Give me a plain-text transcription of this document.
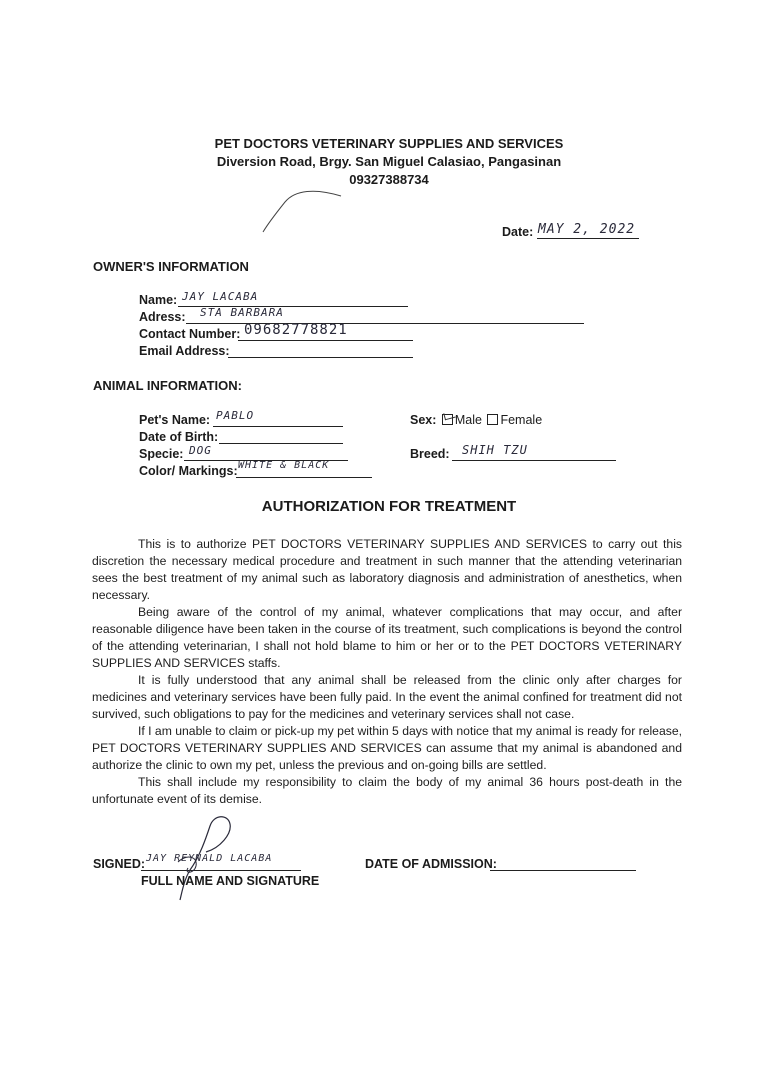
PET DOCTORS VETERINARY SUPPLIES AND SERVICES
Diversion Road, Brgy. San Miguel Calasiao, Pangasinan
09327388734
Date: MAY 2, 2022
OWNER'S INFORMATION
Name: JAY LACABA
Adress: STA BARBARA
Contact Number: 09682778821
Email Address:
ANIMAL INFORMATION:
Pet's Name: PABLO
Date of Birth:
Specie: DOG
Color/ Markings: WHITE & BLACK
Sex: Male Female
Breed: SHIH TZU
AUTHORIZATION FOR TREATMENT

This is to authorize PET DOCTORS VETERINARY SUPPLIES AND SERVICES to carry out this discretion the necessary medical procedure and treatment in such manner that the attending veterinarian sees the best treatment of my animal such as laboratory diagnosis and administration of anesthetics, when necessary.

Being aware of the control of my animal, whatever complications that may occur, and after reasonable diligence have been taken in the course of its treatment, such complications is beyond the control of the attending veterinarian, I shall not hold blame to him or her or to the PET DOCTORS VETERINARY SUPPLIES AND SERVICES staffs.

It is fully understood that any animal shall be released from the clinic only after charges for medicines and veterinary services have been fully paid. In the event the animal confined for treatment did not survived, such obligations to pay for the medicines and veterinary services shall not case.

If I am unable to claim or pick-up my pet within 5 days with notice that my animal is ready for release, PET DOCTORS VETERINARY SUPPLIES AND SERVICES can assume that my animal is abandoned and authorize the clinic to own my pet, unless the previous and on-going bills are settled.

This shall include my responsibility to claim the body of my animal 36 hours post-death in the unfortunate event of its demise.

SIGNED: JAY REYNALD LACABA
FULL NAME AND SIGNATURE
DATE OF ADMISSION:
